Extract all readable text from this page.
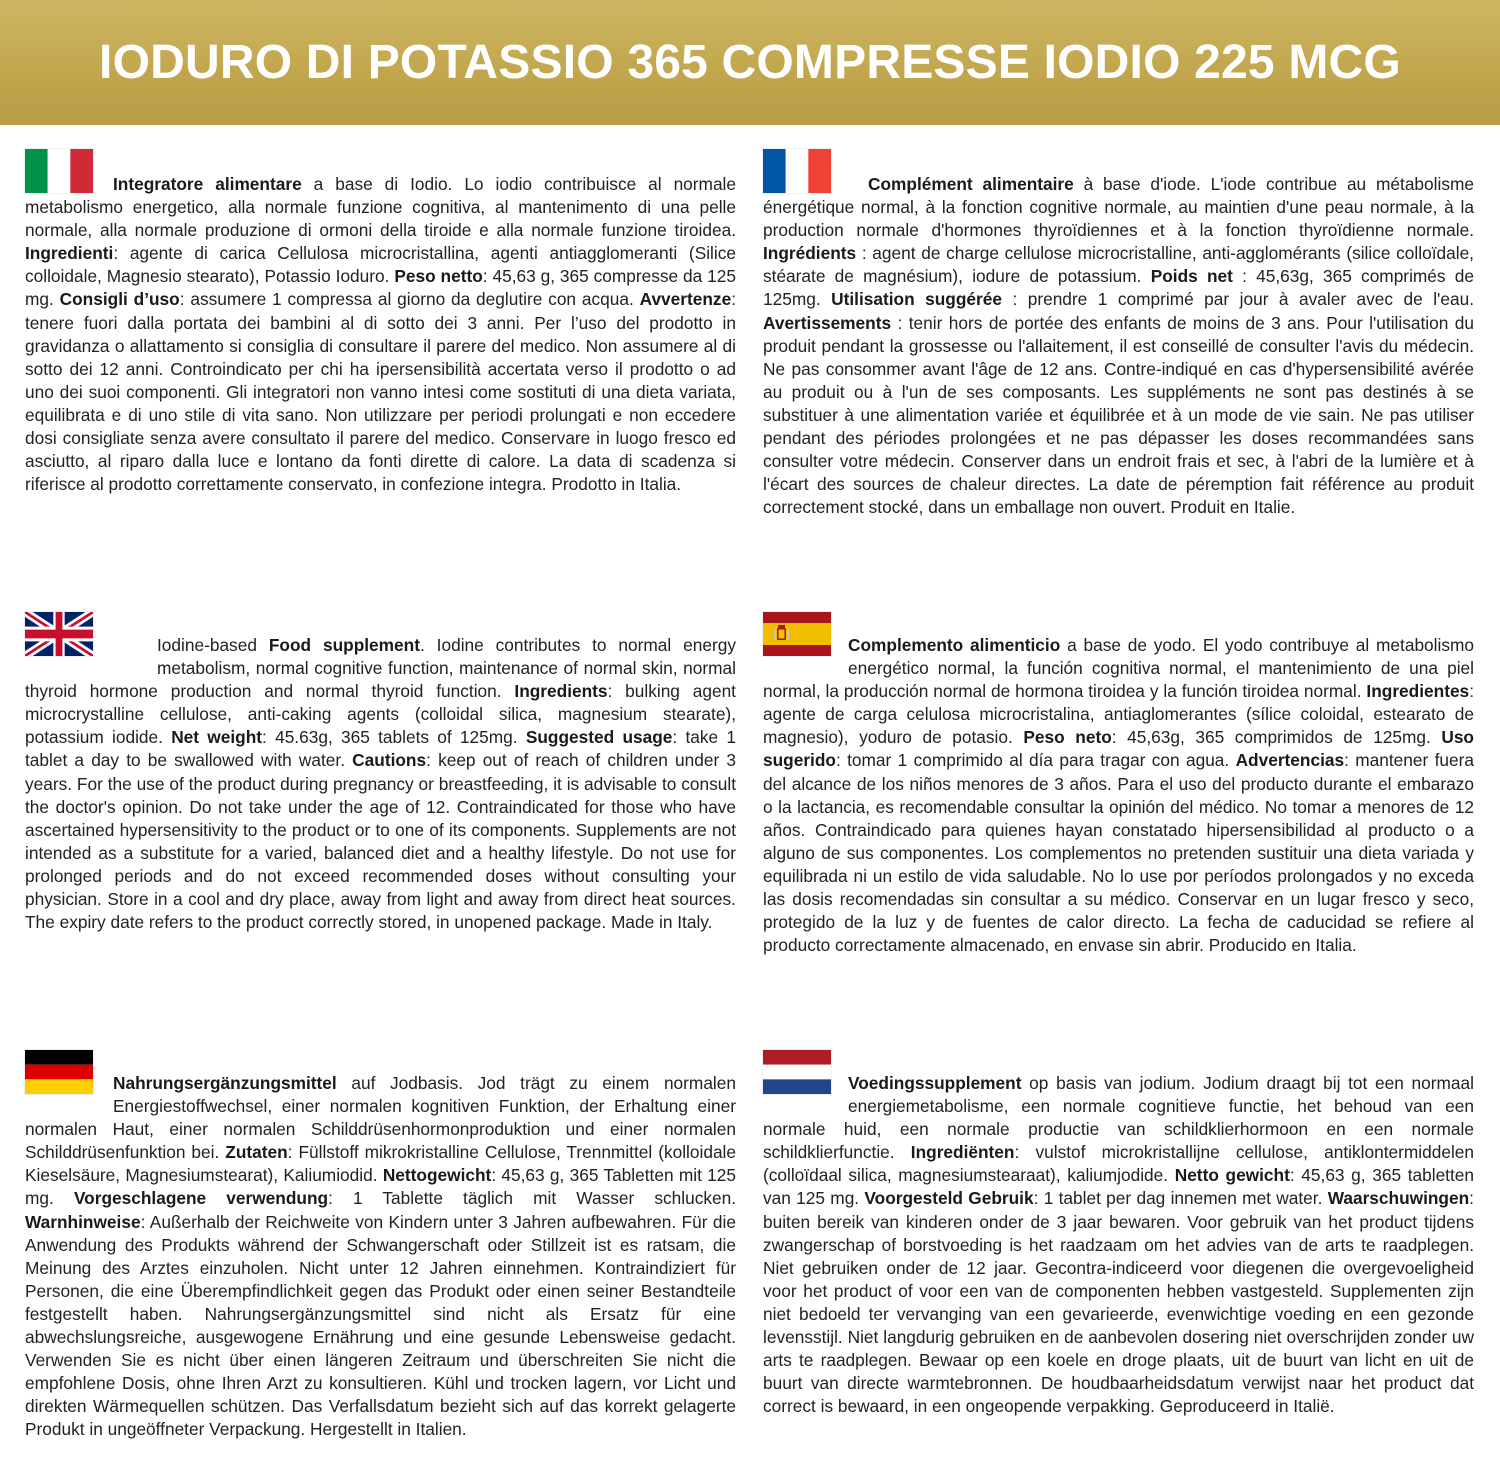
IODURO DI POTASSIO 365 COMPRESSE IODIO 225 MCG

Integratore alimentare a base di Iodio. Lo iodio contribuisce al normale metabolismo energetico, alla normale funzione cognitiva, al mantenimento di una pelle normale, alla normale produzione di ormoni della tiroide e alla normale funzione tiroidea. Ingredienti: agente di carica Cellulosa microcristallina, agenti antiagglomeranti (Silice colloidale, Magnesio stearato), Potassio Ioduro. Peso netto: 45,63 g, 365 compresse da 125 mg. Consigli d’uso: assumere 1 compressa al giorno da deglutire con acqua. Avvertenze: tenere fuori dalla portata dei bambini al di sotto dei 3 anni. Per l’uso del prodotto in gravidanza o allattamento si consiglia di consultare il parere del medico. Non assumere al di sotto dei 12 anni. Controindicato per chi ha ipersensibilità accertata verso il prodotto o ad uno dei suoi componenti. Gli integratori non vanno intesi come sostituti di una dieta variata, equilibrata e di uno stile di vita sano. Non utilizzare per periodi prolungati e non eccedere dosi consigliate senza avere consultato il parere del medico. Conservare in luogo fresco ed asciutto, al riparo dalla luce e lontano da fonti dirette di calore. La data di scadenza si riferisce al prodotto correttamente conservato, in confezione integra. Prodotto in Italia.

Complément alimentaire à base d'iode. L'iode contribue au métabolisme énergétique normal, à la fonction cognitive normale, au maintien d'une peau normale, à la production normale d'hormones thyroïdiennes et à la fonction thyroïdienne normale. Ingrédients : agent de charge cellulose microcristalline, anti-agglomérants (silice colloïdale, stéarate de magnésium), iodure de potassium. Poids net : 45,63g, 365 comprimés de 125mg. Utilisation suggérée : prendre 1 comprimé par jour à avaler avec de l'eau. Avertissements : tenir hors de portée des enfants de moins de 3 ans. Pour l'utilisation du produit pendant la grossesse ou l'allaitement, il est conseillé de consulter l'avis du médecin. Ne pas consommer avant l'âge de 12 ans. Contre-indiqué en cas d'hypersensibilité avérée au produit ou à l'un de ses composants. Les suppléments ne sont pas destinés à se substituer à une alimentation variée et équilibrée et à un mode de vie sain. Ne pas utiliser pendant des périodes prolongées et ne pas dépasser les doses recommandées sans consulter votre médecin. Conserver dans un endroit frais et sec, à l'abri de la lumière et à l'écart des sources de chaleur directes. La date de péremption fait référence au produit correctement stocké, dans un emballage non ouvert. Produit en Italie.

Iodine-based Food supplement. Iodine contributes to normal energy metabolism, normal cognitive function, maintenance of normal skin, normal thyroid hormone production and normal thyroid function. Ingredients: bulking agent microcrystalline cellulose, anti-caking agents (colloidal silica, magnesium stearate), potassium iodide. Net weight: 45.63g, 365 tablets of 125mg. Suggested usage: take 1 tablet a day to be swallowed with water. Cautions: keep out of reach of children under 3 years. For the use of the product during pregnancy or breastfeeding, it is advisable to consult the doctor's opinion. Do not take under the age of 12. Contraindicated for those who have ascertained hypersensitivity to the product or to one of its components. Supplements are not intended as a substitute for a varied, balanced diet and a healthy lifestyle. Do not use for prolonged periods and do not exceed recommended doses without consulting your physician. Store in a cool and dry place, away from light and away from direct heat sources. The expiry date refers to the product correctly stored, in unopened package. Made in Italy.

Complemento alimenticio a base de yodo. El yodo contribuye al metabolismo energético normal, la función cognitiva normal, el mantenimiento de una piel normal, la producción normal de hormona tiroidea y la función tiroidea normal. Ingredientes: agente de carga celulosa microcristalina, antiaglomerantes (sílice coloidal, estearato de magnesio), yoduro de potasio. Peso neto: 45,63g, 365 comprimidos de 125mg. Uso sugerido: tomar 1 comprimido al día para tragar con agua. Advertencias: mantener fuera del alcance de los niños menores de 3 años. Para el uso del producto durante el embarazo o la lactancia, es recomendable consultar la opinión del médico. No tomar a menores de 12 años. Contraindicado para quienes hayan constatado hipersensibilidad al producto o a alguno de sus componentes. Los complementos no pretenden sustituir una dieta variada y equilibrada ni un estilo de vida saludable. No lo use por períodos prolongados y no exceda las dosis recomendadas sin consultar a su médico. Conservar en un lugar fresco y seco, protegido de la luz y de fuentes de calor directo. La fecha de caducidad se refiere al producto correctamente almacenado, en envase sin abrir. Producido en Italia.

Nahrungsergänzungsmittel auf Jodbasis. Jod trägt zu einem normalen Energiestoffwechsel, einer normalen kognitiven Funktion, der Erhaltung einer normalen Haut, einer normalen Schilddrüsenhormonproduktion und einer normalen Schilddrüsenfunktion bei. Zutaten: Füllstoff mikrokristalline Cellulose, Trennmittel (kolloidale Kieselsäure, Magnesiumstearat), Kaliumiodid. Nettogewicht: 45,63 g, 365 Tabletten mit 125 mg. Vorgeschlagene verwendung: 1 Tablette täglich mit Wasser schlucken. Warnhinweise: Außerhalb der Reichweite von Kindern unter 3 Jahren aufbewahren. Für die Anwendung des Produkts während der Schwangerschaft oder Stillzeit ist es ratsam, die Meinung des Arztes einzuholen. Nicht unter 12 Jahren einnehmen. Kontraindiziert für Personen, die eine Überempfindlichkeit gegen das Produkt oder einen seiner Bestandteile festgestellt haben. Nahrungsergänzungsmittel sind nicht als Ersatz für eine abwechslungsreiche, ausgewogene Ernährung und eine gesunde Lebensweise gedacht. Verwenden Sie es nicht über einen längeren Zeitraum und überschreiten Sie nicht die empfohlene Dosis, ohne Ihren Arzt zu konsultieren. Kühl und trocken lagern, vor Licht und direkten Wärmequellen schützen. Das Verfallsdatum bezieht sich auf das korrekt gelagerte Produkt in ungeöffneter Verpackung. Hergestellt in Italien.

Voedingssupplement op basis van jodium. Jodium draagt bij tot een normaal energiemetabolisme, een normale cognitieve functie, het behoud van een normale huid, een normale productie van schildklierhormoon en een normale schildklierfunctie. Ingrediënten: vulstof microkristallijne cellulose, antiklontermiddelen (colloïdaal silica, magnesiumstearaat), kaliumjodide. Netto gewicht: 45,63 g, 365 tabletten van 125 mg. Voorgesteld Gebruik: 1 tablet per dag innemen met water. Waarschuwingen: buiten bereik van kinderen onder de 3 jaar bewaren. Voor gebruik van het product tijdens zwangerschap of borstvoeding is het raadzaam om het advies van de arts te raadplegen. Niet gebruiken onder de 12 jaar. Gecontra-indiceerd voor diegenen die overgevoeligheid voor het product of voor een van de componenten hebben vastgesteld. Supplementen zijn niet bedoeld ter vervanging van een gevarieerde, evenwichtige voeding en een gezonde levensstijl. Niet langdurig gebruiken en de aanbevolen dosering niet overschrijden zonder uw arts te raadplegen. Bewaar op een koele en droge plaats, uit de buurt van licht en uit de buurt van directe warmtebronnen. De houdbaarheidsdatum verwijst naar het product dat correct is bewaard, in een ongeopende verpakking. Geproduceerd in Italië.
